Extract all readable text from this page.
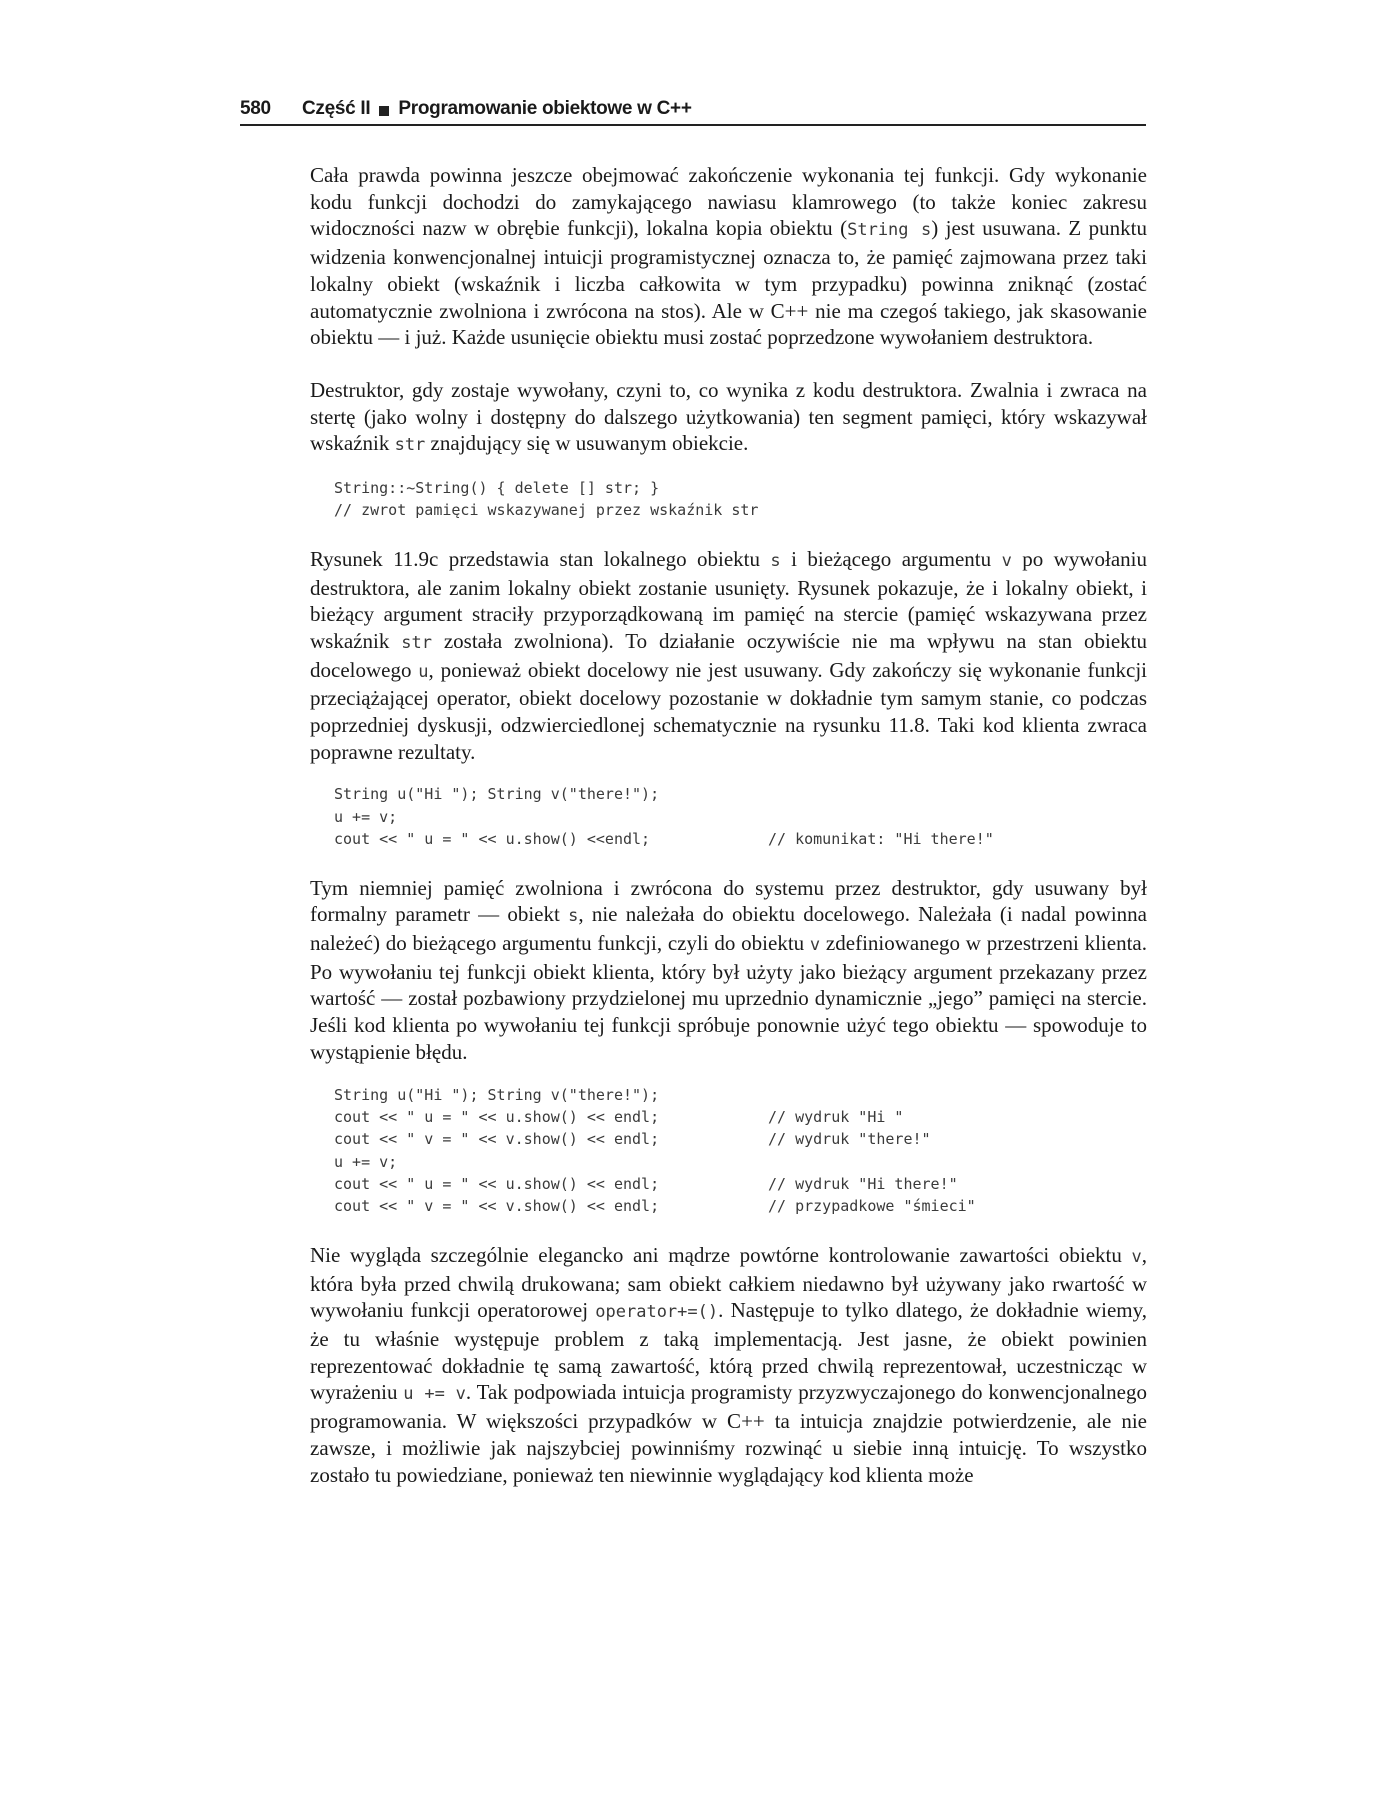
580	Część II Programowanie obiektowe w C++

Cała prawda powinna jeszcze obejmować zakończenie wykonania tej funkcji. Gdy wykonanie kodu funkcji dochodzi do zamykającego nawiasu klamrowego (to także koniec zakresu widoczności nazw w obrębie funkcji), lokalna kopia obiektu (String s) jest usuwana. Z punktu widzenia konwencjonalnej intuicji programistycznej oznacza to, że pamięć zajmowana przez taki lokalny obiekt (wskaźnik i liczba całkowita w tym przypadku) powinna zniknąć (zostać automatycznie zwolniona i zwrócona na stos). Ale w C++ nie ma czegoś takiego, jak skasowanie obiektu — i już. Każde usunięcie obiektu musi zostać poprzedzone wywołaniem destruktora.

Destruktor, gdy zostaje wywołany, czyni to, co wynika z kodu destruktora. Zwalnia i zwraca na stertę (jako wolny i dostępny do dalszego użytkowania) ten segment pamięci, który wskazywał wskaźnik str znajdujący się w usuwanym obiekcie.

String::~String() { delete [] str; }
// zwrot pamięci wskazywanej przez wskaźnik str

Rysunek 11.9c przedstawia stan lokalnego obiektu s i bieżącego argumentu v po wywołaniu destruktora, ale zanim lokalny obiekt zostanie usunięty. Rysunek pokazuje, że i lokalny obiekt, i bieżący argument straciły przyporządkowaną im pamięć na stercie (pamięć wskazywana przez wskaźnik str została zwolniona). To działanie oczywiście nie ma wpływu na stan obiektu docelowego u, ponieważ obiekt docelowy nie jest usuwany. Gdy zakończy się wykonanie funkcji przeciążającej operator, obiekt docelowy pozostanie w dokładnie tym samym stanie, co podczas poprzedniej dyskusji, odzwierciedlonej schematycznie na rysunku 11.8. Taki kod klienta zwraca poprawne rezultaty.

String u("Hi "); String v("there!");
u += v;
cout << " u = " << u.show() <<endl;	// komunikat: "Hi there!"

Tym niemniej pamięć zwolniona i zwrócona do systemu przez destruktor, gdy usuwany był formalny parametr — obiekt s, nie należała do obiektu docelowego. Należała (i nadal powinna należeć) do bieżącego argumentu funkcji, czyli do obiektu v zdefiniowanego w przestrzeni klienta. Po wywołaniu tej funkcji obiekt klienta, który był użyty jako bieżący argument przekazany przez wartość — został pozbawiony przydzielonej mu uprzednio dynamicznie „jego” pamięci na stercie. Jeśli kod klienta po wywołaniu tej funkcji spróbuje ponownie użyć tego obiektu — spowoduje to wystąpienie błędu.

String u("Hi "); String v("there!");
cout << " u = " << u.show() << endl;	// wydruk "Hi "
cout << " v = " << v.show() << endl;	// wydruk "there!"
u += v;
cout << " u = " << u.show() << endl;	// wydruk "Hi there!"
cout << " v = " << v.show() << endl;	// przypadkowe "śmieci"

Nie wygląda szczególnie elegancko ani mądrze powtórne kontrolowanie zawartości obiektu v, która była przed chwilą drukowana; sam obiekt całkiem niedawno był używany jako rwartość w wywołaniu funkcji operatorowej operator+=(). Następuje to tylko dlatego, że dokładnie wiemy, że tu właśnie występuje problem z taką implementacją. Jest jasne, że obiekt powinien reprezentować dokładnie tę samą zawartość, którą przed chwilą reprezentował, uczestnicząc w wyrażeniu u += v. Tak podpowiada intuicja programisty przyzwyczajonego do konwencjonalnego programowania. W większości przypadków w C++ ta intuicja znajdzie potwierdzenie, ale nie zawsze, i możliwie jak najszybciej powinniśmy rozwinąć u siebie inną intuicję. To wszystko zostało tu powiedziane, ponieważ ten niewinnie wyglądający kod klienta może
